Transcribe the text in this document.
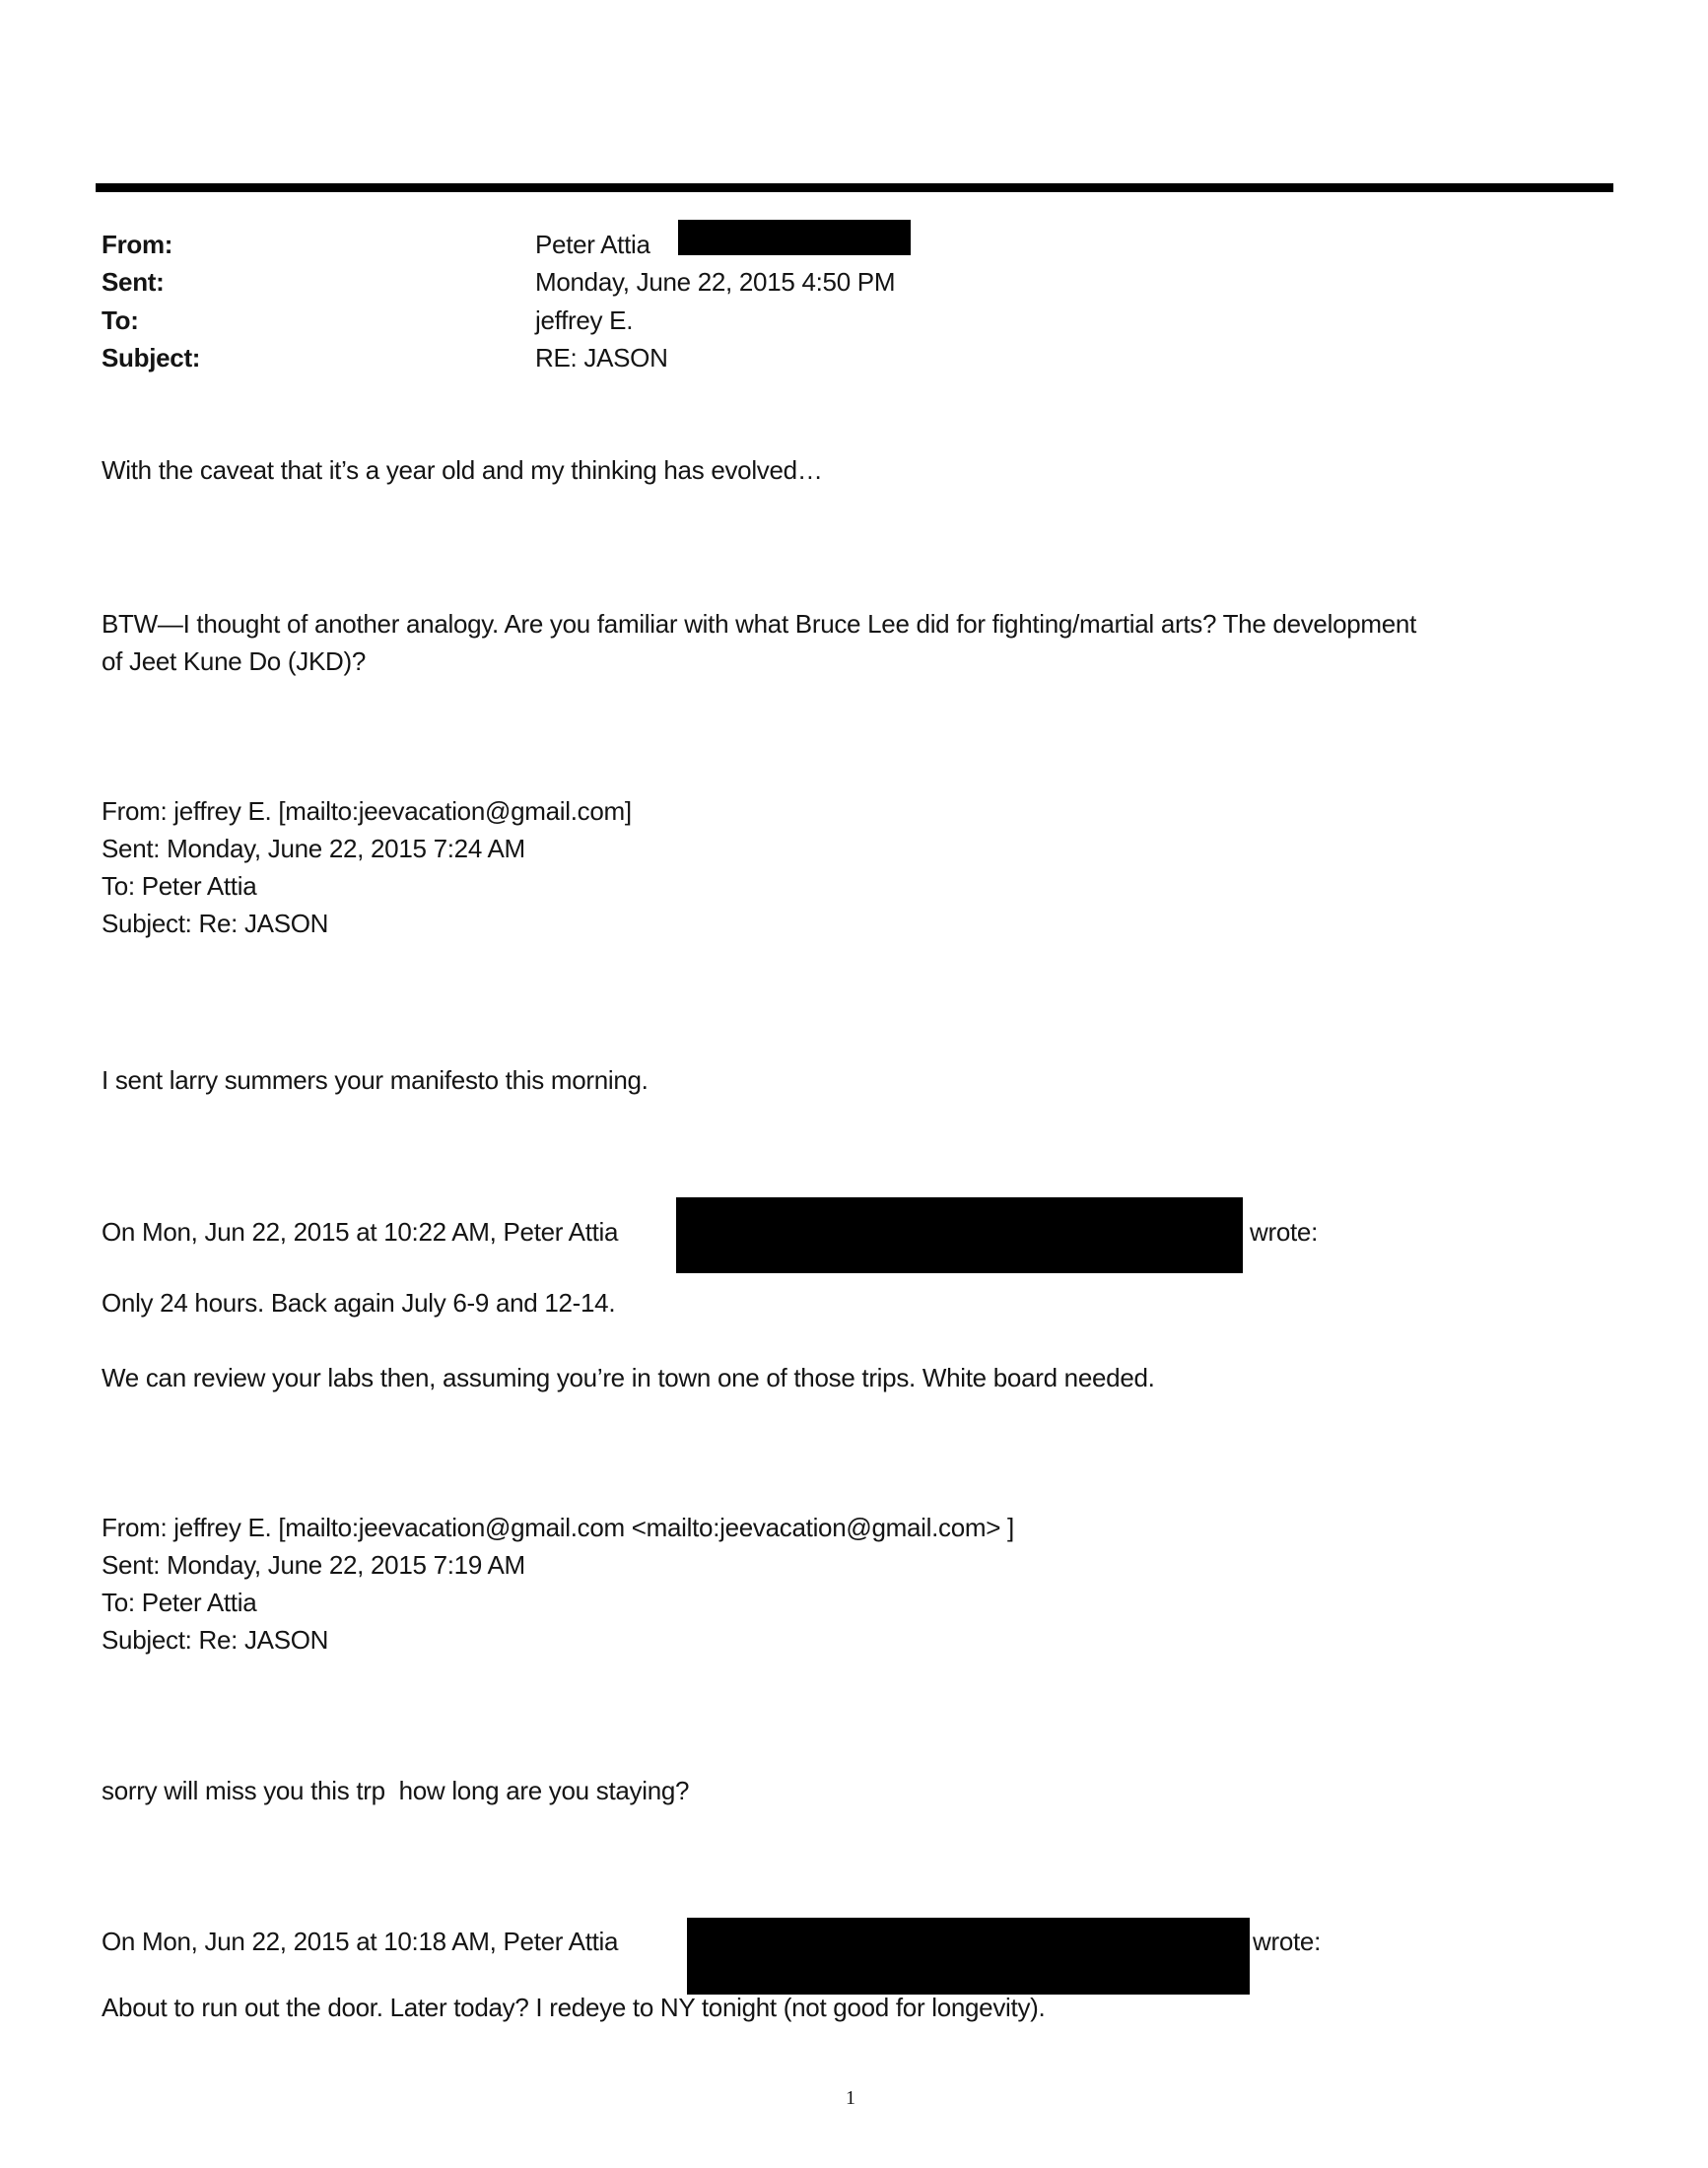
From:	Peter Attia
Sent:	Monday, June 22, 2015 4:50 PM
To:	jeffrey E.
Subject:	RE: JASON
With the caveat that it’s a year old and my thinking has evolved…
BTW—I thought of another analogy. Are you familiar with what Bruce Lee did for fighting/martial arts? The development
of Jeet Kune Do (JKD)?
From: jeffrey E. [mailto:jeevacation@gmail.com]
Sent: Monday, June 22, 2015 7:24 AM
To: Peter Attia
Subject: Re: JASON
I sent larry summers your manifesto this morning.
On Mon, Jun 22, 2015 at 10:22 AM, Peter Attia	wrote:
Only 24 hours. Back again July 6-9 and 12-14.
We can review your labs then, assuming you’re in town one of those trips. White board needed.
From: jeffrey E. [mailto:jeevacation@gmail.com <mailto:jeevacation@gmail.com> ]
Sent: Monday, June 22, 2015 7:19 AM
To: Peter Attia
Subject: Re: JASON
sorry will miss you this trp  how long are you staying?
On Mon, Jun 22, 2015 at 10:18 AM, Peter Attia	wrote:
About to run out the door. Later today? I redeye to NY tonight (not good for longevity).
1
